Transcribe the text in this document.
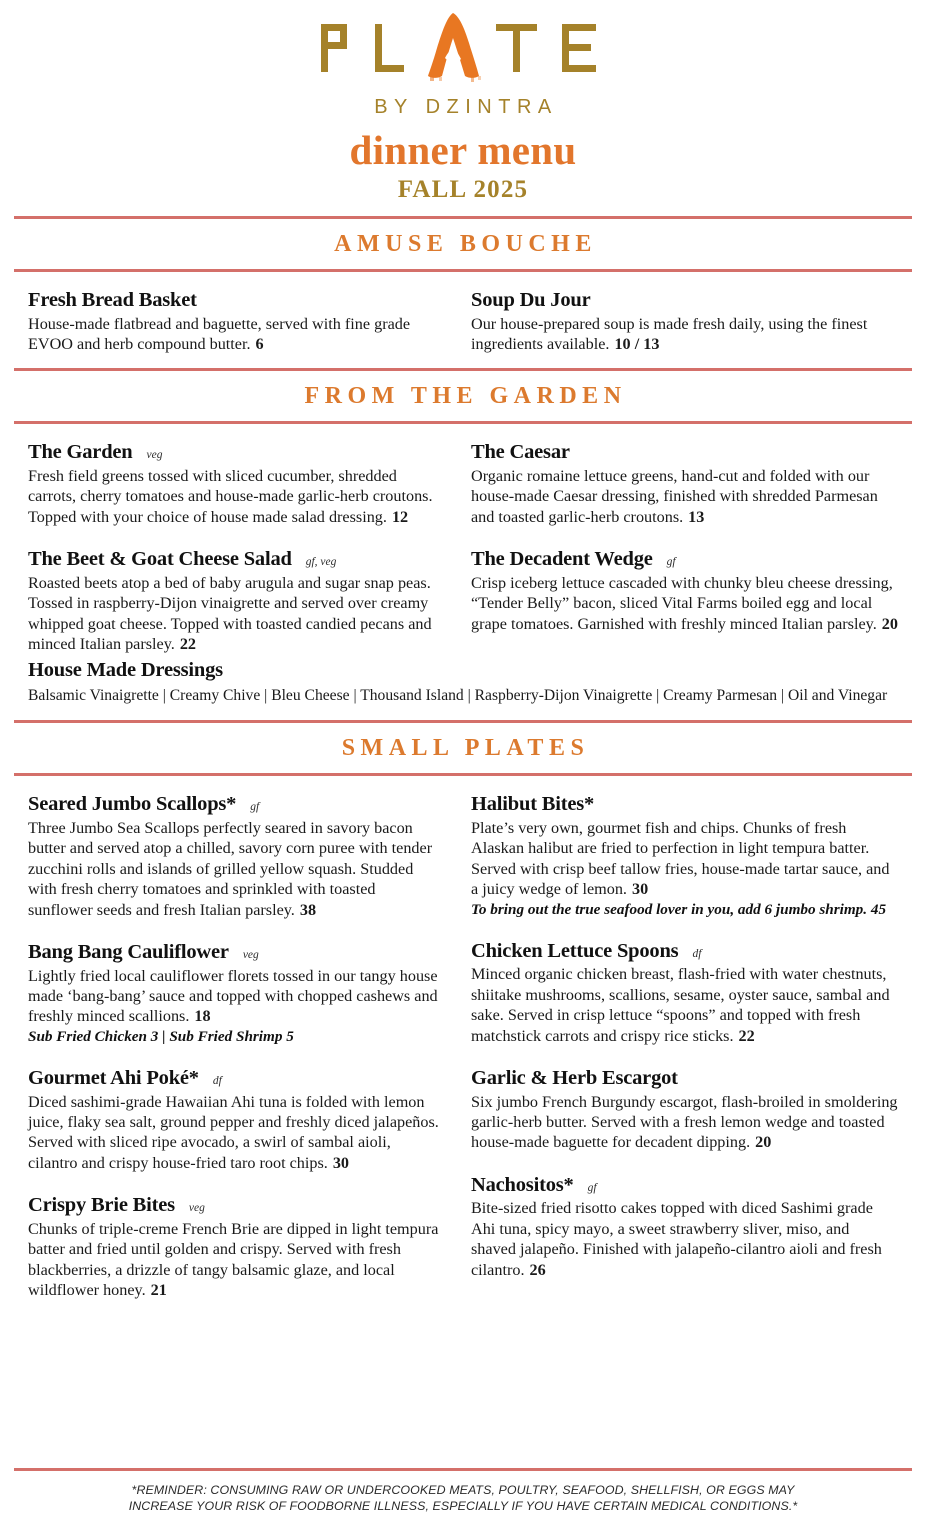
BY DZINTRA
dinner menu
FALL 2025
AMUSE BOUCHE
Fresh Bread Basket
House-made flatbread and baguette, served with fine grade EVOO and herb compound butter. 6
Soup Du Jour
Our house-prepared soup is made fresh daily, using the finest ingredients available. 10 / 13
FROM THE GARDEN
The Garden veg
Fresh field greens tossed with sliced cucumber, shredded carrots, cherry tomatoes and house-made garlic-herb croutons. Topped with your choice of house made salad dressing. 12
The Beet & Goat Cheese Salad gf, veg
Roasted beets atop a bed of baby arugula and sugar snap peas. Tossed in raspberry-Dijon vinaigrette and served over creamy whipped goat cheese. Topped with toasted candied pecans and minced Italian parsley. 22
The Caesar
Organic romaine lettuce greens, hand-cut and folded with our house-made Caesar dressing, finished with shredded Parmesan and toasted garlic-herb croutons. 13
The Decadent Wedge gf
Crisp iceberg lettuce cascaded with chunky bleu cheese dressing, “Tender Belly” bacon, sliced Vital Farms boiled egg and local grape tomatoes. Garnished with freshly minced Italian parsley. 20
House Made Dressings
Balsamic Vinaigrette | Creamy Chive | Bleu Cheese | Thousand Island | Raspberry-Dijon Vinaigrette | Creamy Parmesan | Oil and Vinegar
SMALL PLATES
Seared Jumbo Scallops* gf
Three Jumbo Sea Scallops perfectly seared in savory bacon butter and served atop a chilled, savory corn puree with tender zucchini rolls and islands of grilled yellow squash. Studded with fresh cherry tomatoes and sprinkled with toasted sunflower seeds and fresh Italian parsley. 38
Bang Bang Cauliflower veg
Lightly fried local cauliflower florets tossed in our tangy house made ‘bang-bang’ sauce and topped with chopped cashews and freshly minced scallions. 18
Sub Fried Chicken 3 | Sub Fried Shrimp 5
Gourmet Ahi Poké* df
Diced sashimi-grade Hawaiian Ahi tuna is folded with lemon juice, flaky sea salt, ground pepper and freshly diced jalapeños. Served with sliced ripe avocado, a swirl of sambal aioli, cilantro and crispy house-fried taro root chips. 30
Crispy Brie Bites veg
Chunks of triple-creme French Brie are dipped in light tempura batter and fried until golden and crispy. Served with fresh blackberries, a drizzle of tangy balsamic glaze, and local wildflower honey. 21
Halibut Bites*
Plate’s very own, gourmet fish and chips. Chunks of fresh Alaskan halibut are fried to perfection in light tempura batter. Served with crisp beef tallow fries, house-made tartar sauce, and a juicy wedge of lemon. 30
To bring out the true seafood lover in you, add 6 jumbo shrimp. 45
Chicken Lettuce Spoons df
Minced organic chicken breast, flash-fried with water chestnuts, shiitake mushrooms, scallions, sesame, oyster sauce, sambal and sake. Served in crisp lettuce “spoons” and topped with fresh matchstick carrots and crispy rice sticks. 22
Garlic & Herb Escargot
Six jumbo French Burgundy escargot, flash-broiled in smoldering garlic-herb butter. Served with a fresh lemon wedge and toasted house-made baguette for decadent dipping. 20
Nachositos* gf
Bite-sized fried risotto cakes topped with diced Sashimi grade Ahi tuna, spicy mayo, a sweet strawberry sliver, miso, and shaved jalapeño. Finished with jalapeño-cilantro aioli and fresh cilantro. 26
*REMINDER: CONSUMING RAW OR UNDERCOOKED MEATS, POULTRY, SEAFOOD, SHELLFISH, OR EGGS MAY
INCREASE YOUR RISK OF FOODBORNE ILLNESS, ESPECIALLY IF YOU HAVE CERTAIN MEDICAL CONDITIONS.*
